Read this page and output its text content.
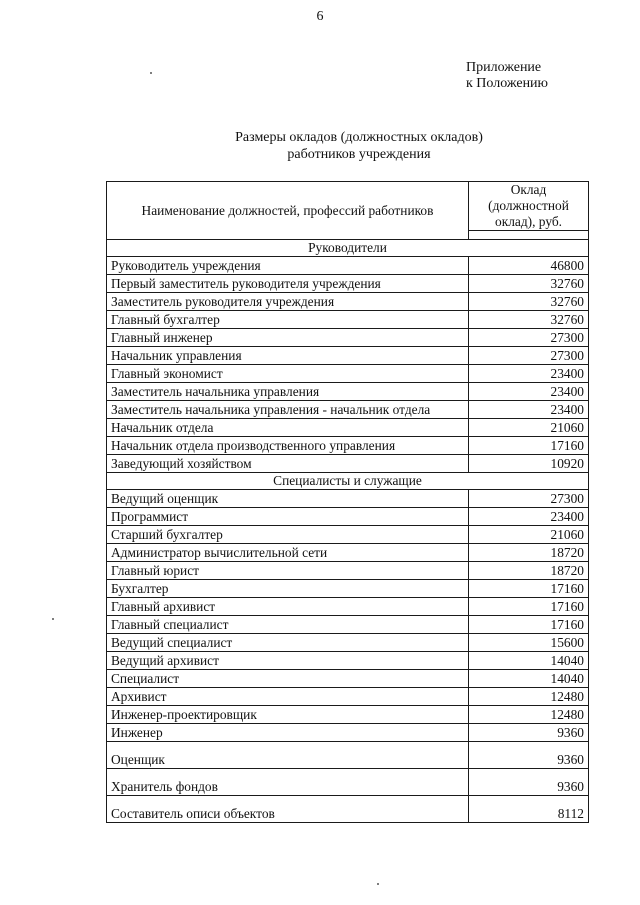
6
Приложение
к Положению
Размеры окладов (должностных окладов)
работников учреждения
Наименование должностей, профессий работников	Оклад
(должностной
оклад), руб.

Руководители	
Руководитель учреждения	46800
Первый заместитель руководителя учреждения	32760
Заместитель руководителя учреждения	32760
Главный бухгалтер	32760
Главный инженер	27300
Начальник управления	27300
Главный экономист	23400
Заместитель начальника управления	23400
Заместитель начальника управления - начальник отдела	23400
Начальник отдела	21060
Начальник отдела производственного управления	17160
Заведующий хозяйством	10920
Специалисты и служащие	
Ведущий оценщик	27300
Программист	23400
Старший бухгалтер	21060
Администратор вычислительной сети	18720
Главный юрист	18720
Бухгалтер	17160
Главный архивист	17160
Главный специалист	17160
Ведущий специалист	15600
Ведущий архивист	14040
Специалист	14040
Архивист	12480
Инженер-проектировщик	12480
Инженер	9360
Оценщик	9360
Хранитель фондов	9360
Составитель описи объектов	8112
